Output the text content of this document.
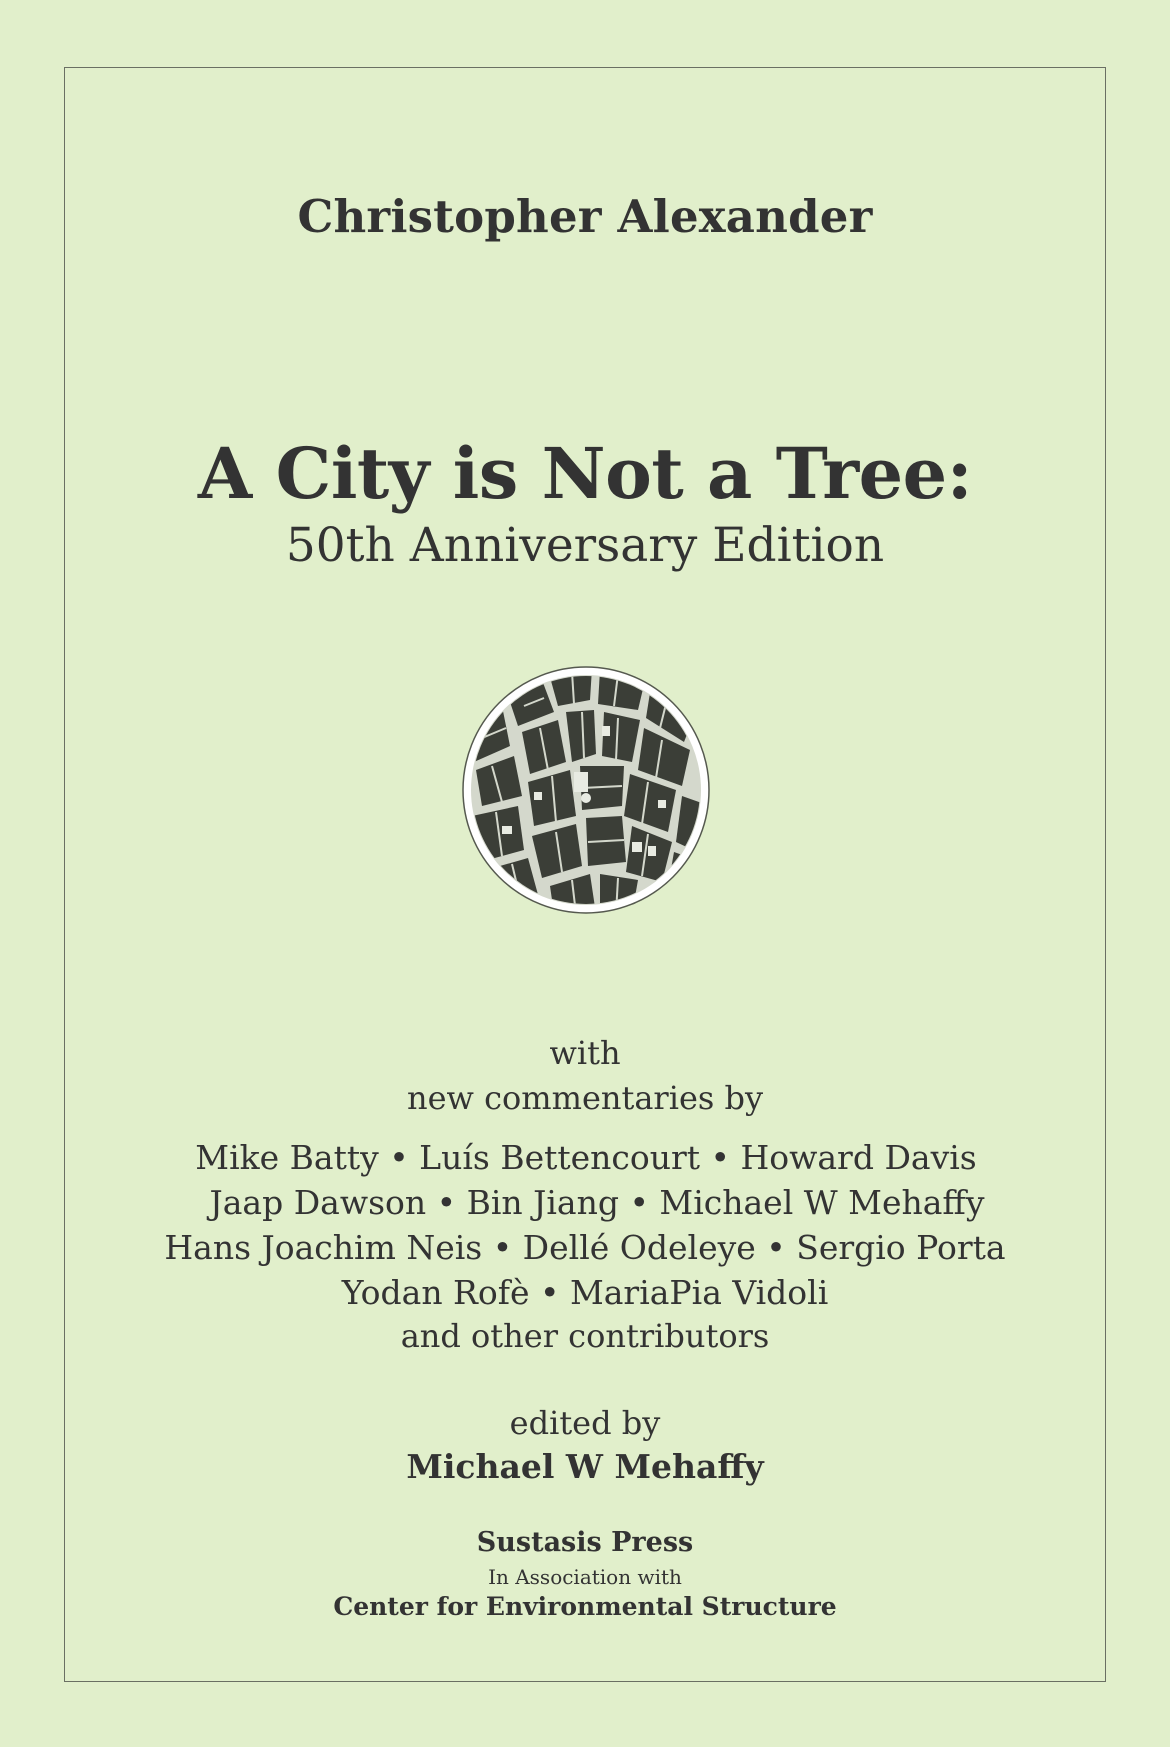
Christopher Alexander
A City is Not a Tree:

50th Anniversary Edition

with

new commentaries by

Mike Batty • Luís Bettencourt • Howard Davis
Jaap Dawson • Bin Jiang • Michael W Mehaffy
Hans Joachim Neis • Dellé Odeleye • Sergio Porta
Yodan Rofè • MariaPia Vidoli

and other contributors

edited by

Michael W Mehaffy

Sustasis Press

In Association with

Center for Environmental Structure
